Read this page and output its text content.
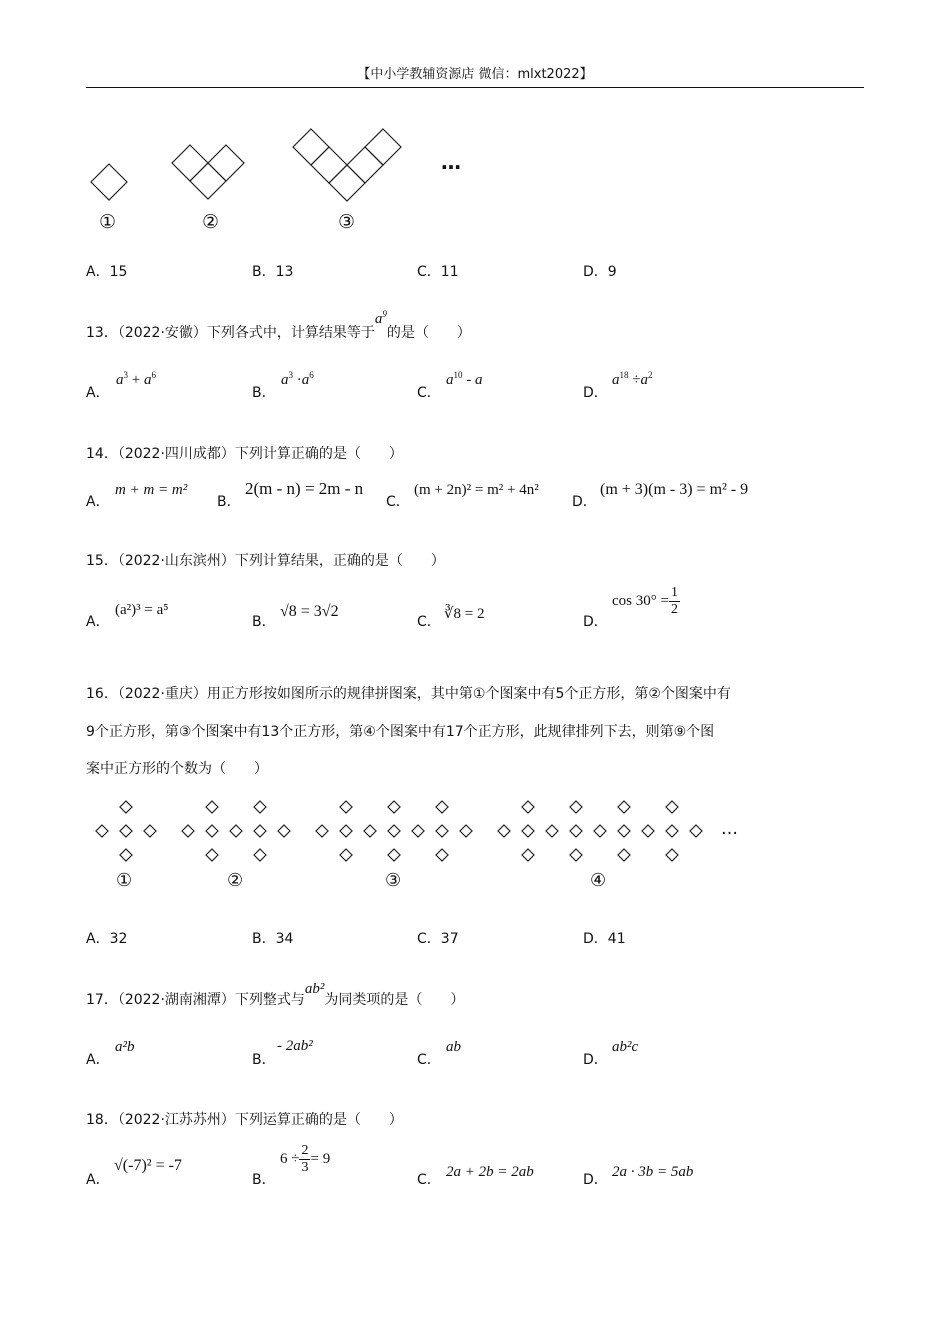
【中小学教辅资源店 微信：mlxt2022】
①	②	③
…
A．15	B．13	C．11	D．9
13．（2022·安徽）下列各式中，计算结果等于$a^9$的是（　　）
A．
$a^3 + a^6$
B．
$a^3 \cdot a^6$
C．
$a^{10}$ - a
D．
$a^{18} \div a^2$
14．（2022·四川成都）下列计算正确的是（　　）
A．
m + m = m²
B．
2(m - n) = 2m - n
C．
(m + 2n)² = m² + 4n²
D．
(m + 3)(m - 3) = m² - 9
15．（2022·山东滨州）下列计算结果，正确的是（　　）
A．
(a²)³ = a⁵
B．
√8 = 3√2
C． ∛8 = 2	D．
$\cos 30^\circ = \frac{1}{2}$
16．（2022·重庆）用正方形按如图所示的规律拼图案，其中第①个图案中有5个正方形，第②个图案中有
9个正方形，第③个图案中有13个正方形，第④个图案中有17个正方形，此规律排列下去，则第⑨个图
案中正方形的个数为（　　）
①	②	③	④
…
A．32	B．34	C．37	D．41
17．（2022·湖南湘潭）下列整式与ab²为同类项的是（　　）
A．
a²b
B．
- 2ab²
C．
ab
D．
ab²c
18．（2022·江苏苏州）下列运算正确的是（　　）
A．
√(-7)² = -7
B．
$6 \div \frac{2}{3} = 9$
C． 2a + 2b = 2ab	D． 2a · 3b = 5ab
